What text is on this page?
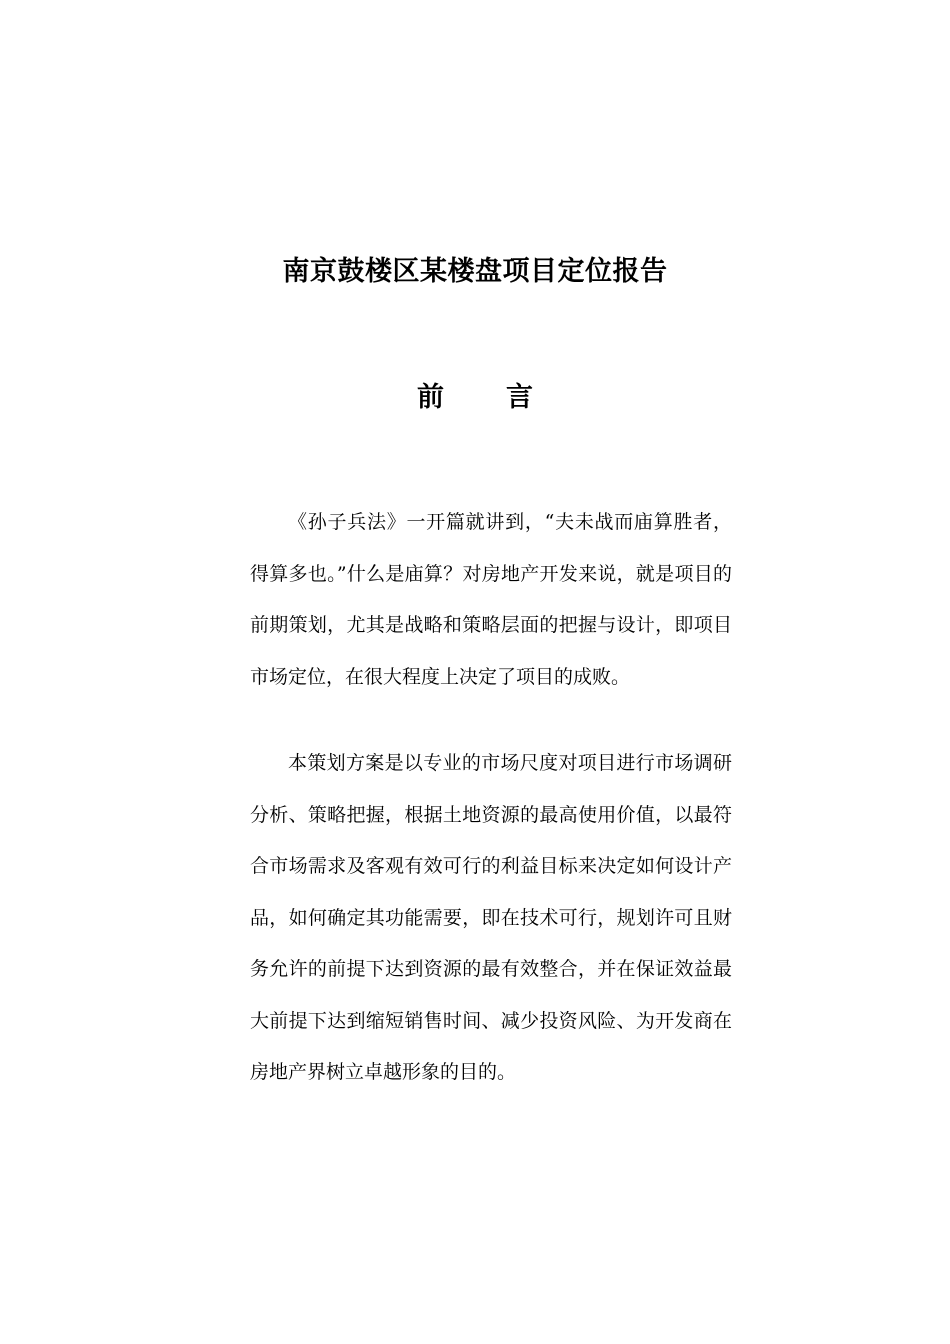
南京鼓楼区某楼盘项目定位报告
前 言

《孙子兵法》一开篇就讲到，“夫未战而庙算胜者，得算多也。”什么是庙算？对房地产开发来说，就是项目的前期策划，尤其是战略和策略层面的把握与设计，即项目市场定位，在很大程度上决定了项目的成败。

本策划方案是以专业的市场尺度对项目进行市场调研分析、策略把握，根据土地资源的最高使用价值，以最符合市场需求及客观有效可行的利益目标来决定如何设计产品，如何确定其功能需要，即在技术可行，规划许可且财务允许的前提下达到资源的最有效整合，并在保证效益最大前提下达到缩短销售时间、减少投资风险、为开发商在房地产界树立卓越形象的目的。
